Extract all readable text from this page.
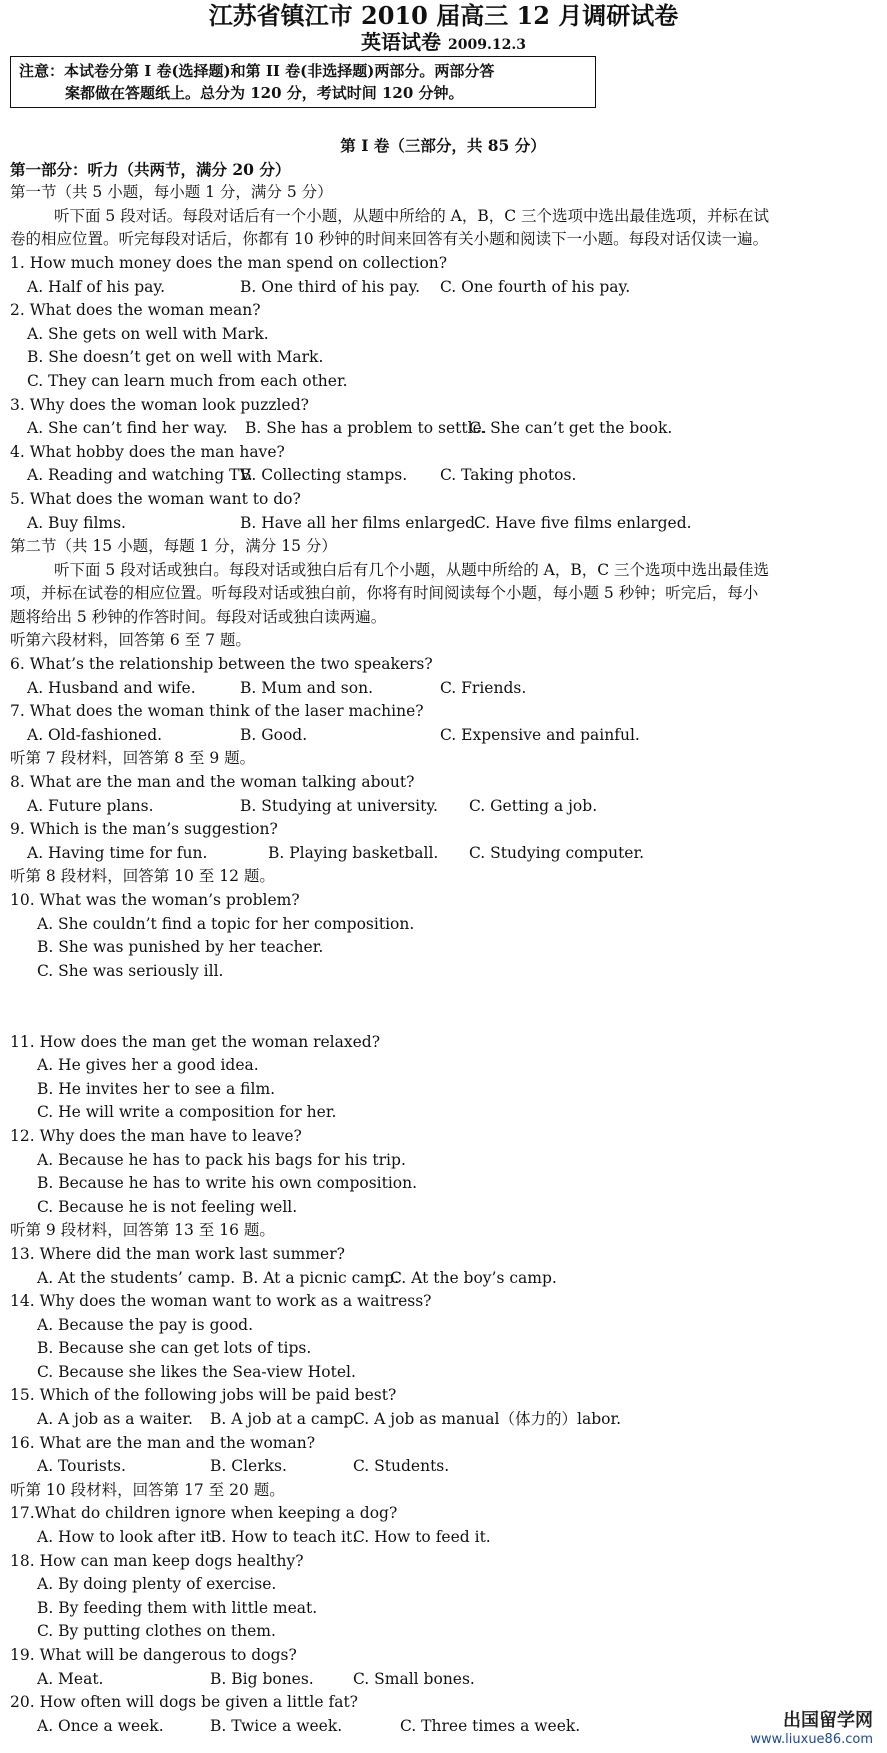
江苏省镇江市 2010 届高三 12 月调研试卷
英语试卷 2009.12.3
注意：本试卷分第 I 卷(选择题)和第 II 卷(非选择题)两部分。两部分答
案都做在答题纸上。总分为 120 分，考试时间 120 分钟。
第 I 卷（三部分，共 85 分）
第一部分：听力（共两节，满分 20 分）
第一节（共 5 小题，每小题 1 分，满分 5 分）
听下面 5 段对话。每段对话后有一个小题，从题中所给的 A，B，C 三个选项中选出最佳选项，并标在试
卷的相应位置。听完每段对话后，你都有 10 秒钟的时间来回答有关小题和阅读下一小题。每段对话仅读一遍。
1. How much money does the man spend on collection?
A. Half of his pay.	B. One third of his pay. C. One fourth of his pay.
2. What does the woman mean?
A. She gets on well with Mark.
B. She doesn’t get on well with Mark.
C. They can learn much from each other.
3. Why does the woman look puzzled?
A. She can’t find her way. B. She has a problem to settle.
C. She can’t get the book.
4. What hobby does the man have?
A. Reading and watching TV.
B. Collecting stamps. C. Taking photos.
5. What does the woman want to do?
A. Buy films.	B. Have all her films enlarged.
C. Have five films enlarged.
第二节（共 15 小题，每题 1 分，满分 15 分）
听下面 5 段对话或独白。每段对话或独白后有几个小题，从题中所给的 A，B，C 三个选项中选出最佳选
项，并标在试卷的相应位置。听每段对话或独白前，你将有时间阅读每个小题，每小题 5 秒钟；听完后，每小
题将给出 5 秒钟的作答时间。每段对话或独白读两遍。
听第六段材料，回答第 6 至 7 题。
6. What’s the relationship between the two speakers?
A. Husband and wife.	B. Mum and son.	C. Friends.
7. What does the woman think of the laser machine?
A. Old-fashioned.	B. Good.	C. Expensive and painful.
听第 7 段材料，回答第 8 至 9 题。
8. What are the man and the woman talking about?
A. Future plans.	B. Studying at university. C. Getting a job.
9. Which is the man’s suggestion?
A. Having time for fun.	B. Playing basketball. C. Studying computer.
听第 8 段材料，回答第 10 至 12 题。
10. What was the woman’s problem?
A. She couldn’t find a topic for her composition.
B. She was punished by her teacher.
C. She was seriously ill.
11. How does the man get the woman relaxed?
A. He gives her a good idea.
B. He invites her to see a film.
C. He will write a composition for her.
12. Why does the man have to leave?
A. Because he has to pack his bags for his trip.
B. Because he has to write his own composition.
C. Because he is not feeling well.
听第 9 段材料，回答第 13 至 16 题。
13. Where did the man work last summer?
A. At the students’ camp. B. At a picnic camp.
C. At the boy’s camp.
14. Why does the woman want to work as a waitress?
A. Because the pay is good.
B. Because she can get lots of tips.
C. Because she likes the Sea-view Hotel.
15. Which of the following jobs will be paid best?
A. A job as a waiter. B. A job at a camp.
C. A job as manual（体力的）labor.
16. What are the man and the woman?
A. Tourists.	B. Clerks.	C. Students.
听第 10 段材料，回答第 17 至 20 题。
17.What do children ignore when keeping a dog?
A. How to look after it.
B. How to teach it.
C. How to feed it.
18. How can man keep dogs healthy?
A. By doing plenty of exercise.
B. By feeding them with little meat.
C. By putting clothes on them.
19. What will be dangerous to dogs?
A. Meat.	B. Big bones.	C. Small bones.
20. How often will dogs be given a little fat?
A. Once a week.	B. Twice a week.	C. Three times a week.	出国留学网
www.liuxue86.com
